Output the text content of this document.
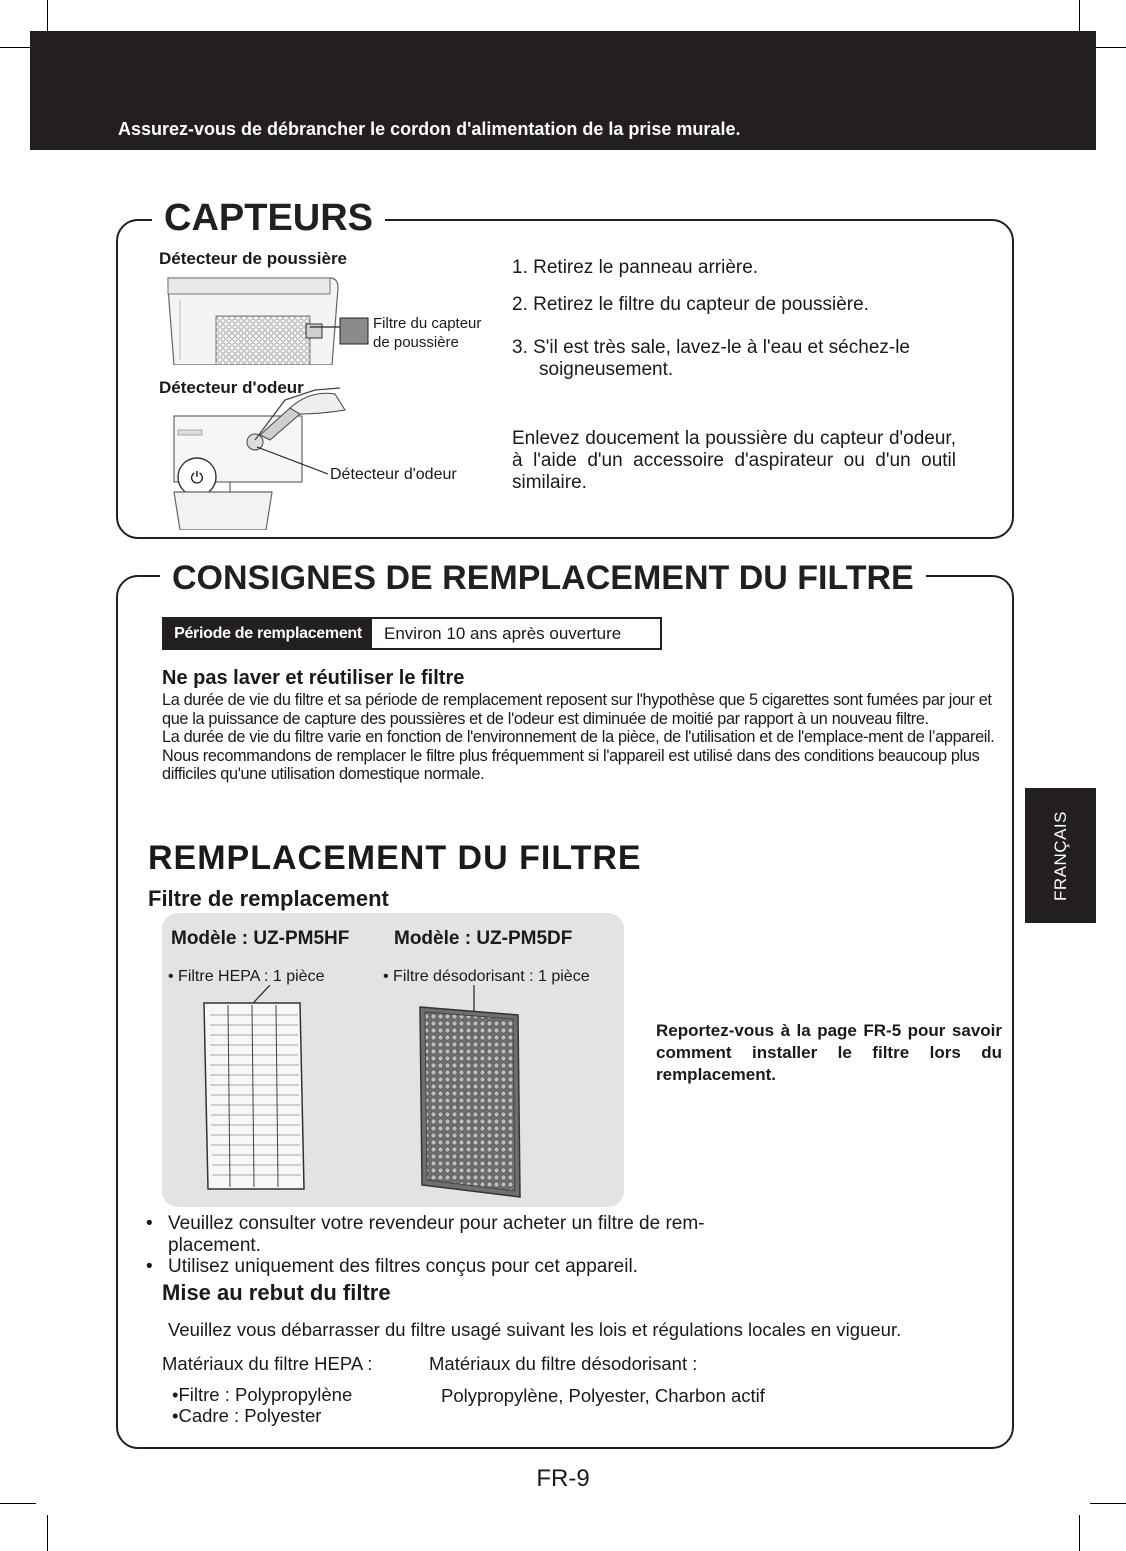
Assurez-vous de débrancher le cordon d'alimentation de la prise murale.
CAPTEURS
Détecteur de poussière
Filtre du capteur
de poussière
Détecteur d'odeur
⏻	Détecteur d'odeur
1. Retirez le panneau arrière.
2. Retirez le filtre du capteur de poussière.
3. S'il est très sale, lavez-le à l'eau et séchez-le
soigneusement.
Enlevez doucement la poussière du capteur d'odeur, à l'aide d'un accessoire d'aspirateur ou d'un outil similaire.
CONSIGNES DE REMPLACEMENT DU FILTRE
Période de remplacement	Environ 10 ans après ouverture
Ne pas laver et réutiliser le filtre

La durée de vie du filtre et sa période de remplacement reposent sur l'hypothèse que 5 cigarettes sont fumées par jour et que la puissance de capture des poussières et de l'odeur est diminuée de moitié par rapport à un nouveau filtre.

La durée de vie du filtre varie en fonction de l'environnement de la pièce, de l'utilisation et de l'emplace-ment de l’appareil.

Nous recommandons de remplacer le filtre plus fréquemment si l'appareil est utilisé dans des conditions beaucoup plus difficiles qu'une utilisation domestique normale.

REMPLACEMENT DU FILTRE
Filtre de remplacement
Modèle : UZ-PM5HF Modèle : UZ-PM5DF
• Filtre HEPA : 1 pièce	• Filtre désodorisant : 1 pièce
Reportez-vous à la page FR-5 pour savoir comment installer le filtre lors du remplacement.
• Veuillez consulter votre revendeur pour acheter un filtre de rem-
placement.
• Utilisez uniquement des filtres conçus pour cet appareil.
Mise au rebut du filtre
Veuillez vous débarrasser du filtre usagé suivant les lois et régulations locales en vigueur.
Matériaux du filtre HEPA :	Matériaux du filtre désodorisant :
•Filtre : Polypropylène
•Cadre : Polyester
Polypropylène, Polyester, Charbon actif
FRANÇAIS
FR-9
